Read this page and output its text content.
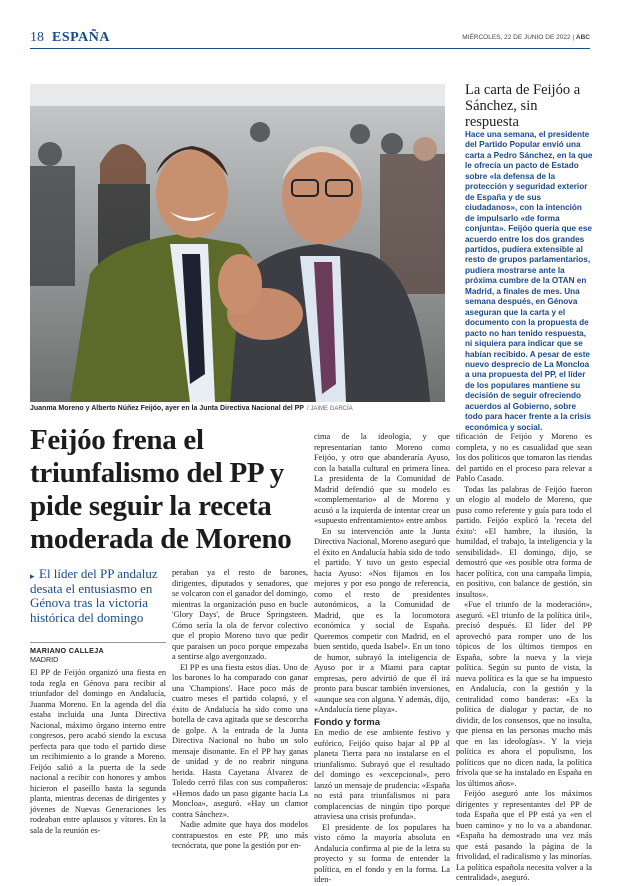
18 ESPAÑA	MIÉRCOLES, 22 DE JUNIO DE 2022 | ABC
Juanma Moreno y Alberto Núñez Feijóo, ayer en la Junta Directiva Nacional del PP / JAIME GARCÍA
La carta de Feijóo a Sánchez, sin respuesta
Hace una semana, el presidente del Partido Popular envió una carta a Pedro Sánchez, en la que le ofrecía un pacto de Estado sobre «la defensa de la protección y seguridad exterior de España y de sus ciudadanos», con la intención de impulsarlo «de forma conjunta». Feijóo quería que ese acuerdo entre los dos grandes partidos, pudiera extensible al resto de grupos parlamentarios, pudiera mostrarse ante la próxima cumbre de la OTAN en Madrid, a finales de mes. Una semana después, en Génova aseguran que la carta y el documento con la propuesta de pacto no han tenido respuesta, ni siquiera para indicar que se habían recibido. A pesar de este nuevo desprecio de La Moncloa a una propuesta del PP, el líder de los populares mantiene su decisión de seguir ofreciendo acuerdos al Gobierno, sobre todo para hacer frente a la crisis económica y social.
Feijóo frena el triunfalismo del PP y pide seguir la receta moderada de Moreno
▸ El líder del PP andaluz desata el entusiasmo en Génova tras la victoria histórica del domingo
MARIANO CALLEJA
MADRID

El PP de Feijóo organizó una fiesta en toda regla en Génova para recibir al triunfador del domingo en Andalucía, Juanma Moreno. En la agenda del día estaba incluida una Junta Directiva Nacional, máximo órgano interno entre congresos, pero acabó siendo la excusa perfecta para que todo el partido diese un recibimiento a lo grande a Moreno. Feijóo salió a la puerta de la sede nacional a recibir con honores y ambos hicieron el paseíllo hasta la segunda planta, mientras decenas de dirigentes y jóvenes de Nuevas Generaciones les rodeaban entre aplausos y vítores. En la sala de la reunión es-

peraban ya el resto de barones, dirigentes, diputados y senadores, que se volcaron con el ganador del domingo, mientras la organización puso en bucle 'Glory Days', de Bruce Springsteen. Cómo sería la ola de fervor colectivo que el propio Moreno tuvo que pedir que paraisen un poco porque empezaba a sentirse algo avergonzado.

El PP es una fiesta estos días. Uno de los barones lo ha comparado con ganar una 'Champions'. Hace poco más de cuatro meses el partido colapsó, y el éxito de Andalucía ha sido como una botella de cava agitada que se descorcha de golpe. A la entrada de la Junta Directiva Nacional no hubo un solo mensaje disonante. En el PP hay ganas de unidad y de no reabrir ninguna herida. Hasta Cayetana Álvarez de Toledo cerró filas con sus compañeros: «Hemos dado un paso gigante hacia La Moncloa», aseguró. «Hay un clamor contra Sánchez».

Nadie admite que haya dos modelos contrapuestos en este PP, uno más tecnócrata, que pone la gestión por en-

cima de la ideología, y que representarían tanto Moreno como Feijóo, y otro que abanderaría Ayuso, con la batalla cultural en primera línea. La presidenta de la Comunidad de Madrid defendió que su modelo es «complementario» al de Moreno y acusó a la izquierda de intentar crear un «supuesto enfrentamiento» entre ambos

En su intervención ante la Junta Directiva Nacional, Moreno aseguró que el éxito en Andalucía había sido de todo el partido. Y tuvo un gesto especial hacia Ayuso: «Nos fijamos en los mejores y por eso pongo de referencia, como el resto de presidentes autonómicos, a la Comunidad de Madrid, que es la locomotora económica y social de España. Queremos competir con Madrid, en el buen sentido, queda Isabel». En un tono de humor, subrayó la inteligencia de Ayuso por ir a Miami para captar empresas, pero advirtió de que él irá pronto para buscar también inversiones, «aunque sea con alguna. Y además, dijo, «Andalucía tiene playa».

Fondo y forma

En medio de ese ambiente festivo y eufórico, Feijóo quiso bajar al PP al planeta Tierra para no instalarse en el triunfalismo. Subrayó que el resultado del domingo es «excepcional», pero lanzó un mensaje de prudencia: «España no está para triunfalismos ni para complacencias de ningún tipo porque atraviesa una crisis profunda».

El presidente de los populares ha visto cómo la mayoría absoluta en Andalucía confirma al pie de la letra su proyecto y su forma de entender la política, en el fondo y en la forma. La iden-

tificación de Feijóo y Moreno es completa, y no es casualidad que sean los dos políticos que tomaron las riendas del partido en el proceso para relevar a Pablo Casado.

Todas las palabras de Feijóo fueron un elogio al modelo de Moreno, que puso como referente y guía para todo el partido. Feijóo explicó la 'receta del éxito': «El hambre, la ilusión, la humildad, el trabajo, la inteligencia y la sensibilidad». El domingo, dijo, se demostró que «es posible otra forma de hacer política, con una campaña limpia, en positivo, con balance de gestión, sin insultos».

«Fue el triunfo de la moderación», aseguró. «El triunfo de la política útil», precisó después. El líder del PP aprovechó para romper uno de los tópicos de los últimos tiempos en España, sobre la nueva y la vieja política. Según su punto de vista, la nueva política es la que se ha impuesto en Andalucía, con la gestión y la centralidad como banderas: «Es la política de dialogar y pactar, de no dividir, de los consensos, que no insulta, que piensa en las personas mucho más que en las ideologías». Y la vieja política es ahora el populismo, los políticos que no dicen nada, la política frívola que se ha instalado en España en los últimos años».

Feijóo aseguró ante los máximos dirigentes y representantes del PP de toda España que el PP está ya «en el buen camino» y no lo va a abandonar. «España ha demostrado una vez más que está pasando la página de la frivolidad, el radicalismo y las minorías. La política española necesita volver a la centralidad», aseguró.
